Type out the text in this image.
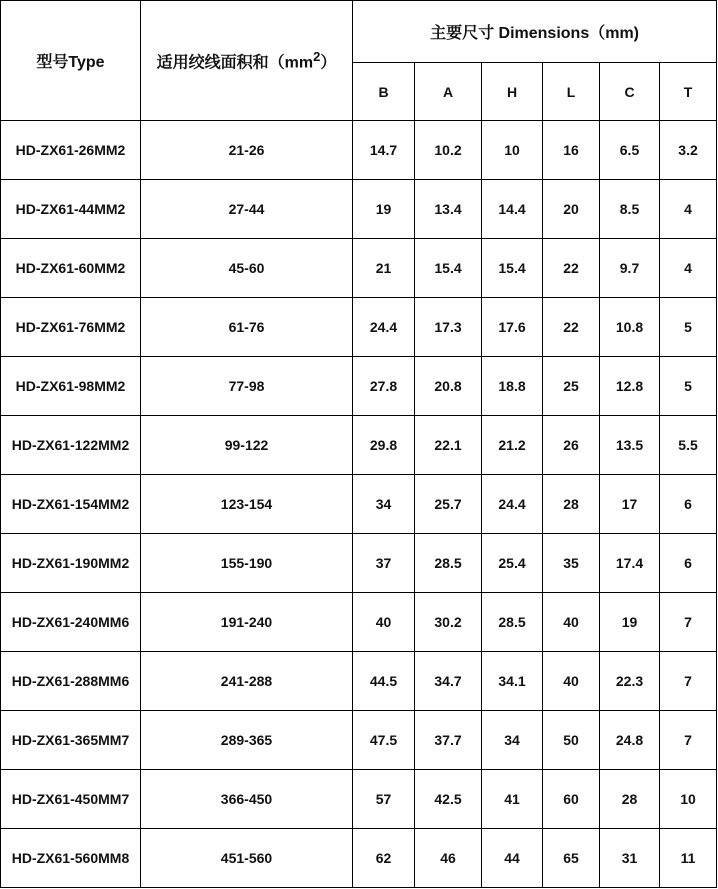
型号Type	适用绞线面积和$(mm^2)$	主要尺寸 Dimensions（mm)					
		B	A	H	L	C	T
HD-ZX61-26MM2	21-26	14.7	10.2	10	16	6.5	3.2
HD-ZX61-44MM2	27-44	19	13.4	14.4	20	8.5	4
HD-ZX61-60MM2	45-60	21	15.4	15.4	22	9.7	4
HD-ZX61-76MM2	61-76	24.4	17.3	17.6	22	10.8	5
HD-ZX61-98MM2	77-98	27.8	20.8	18.8	25	12.8	5
HD-ZX61-122MM2	99-122	29.8	22.1	21.2	26	13.5	5.5
HD-ZX61-154MM2	123-154	34	25.7	24.4	28	17	6
HD-ZX61-190MM2	155-190	37	28.5	25.4	35	17.4	6
HD-ZX61-240MM6	191-240	40	30.2	28.5	40	19	7
HD-ZX61-288MM6	241-288	44.5	34.7	34.1	40	22.3	7
HD-ZX61-365MM7	289-365	47.5	37.7	34	50	24.8	7
HD-ZX61-450MM7	366-450	57	42.5	41	60	28	10
HD-ZX61-560MM8	451-560	62	46	44	65	31	11
